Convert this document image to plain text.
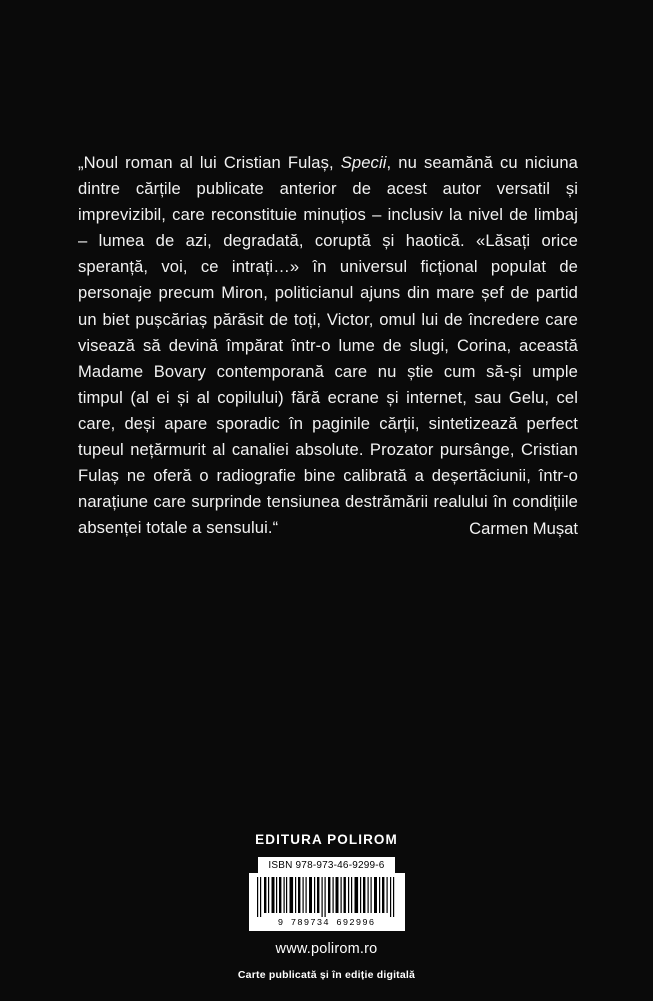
„Noul roman al lui Cristian Fulaș, Specii, nu seamănă cu niciuna dintre cărțile publicate anterior de acest autor versatil și imprevizibil, care reconstituie minuțios – inclusiv la nivel de limbaj – lumea de azi, degradată, coruptă și haotică. «Lăsați orice speranță, voi, ce intrați…» în universul ficțional populat de personaje precum Miron, politicianul ajuns din mare șef de partid un biet pușcăriaș părăsit de toți, Victor, omul lui de încredere care visează să devină împărat într-o lume de slugi, Corina, această Madame Bovary contemporană care nu știe cum să-și umple timpul (al ei și al copilului) fără ecrane și internet, sau Gelu, cel care, deși apare sporadic în paginile cărții, sintetizează perfect tupeul nețărmurit al canaliei absolute. Prozator pursânge, Cristian Fulaș ne oferă o radiografie bine calibrată a deșertăciunii, într-o narațiune care surprinde tensiunea destrămării realului în condițiile absenței totale a sensului.“	Carmen Mușat
EDITURA POLIROM
ISBN 978-973-46-9299-6
9 789734 692996
www.polirom.ro
Carte publicată și în ediție digitală
